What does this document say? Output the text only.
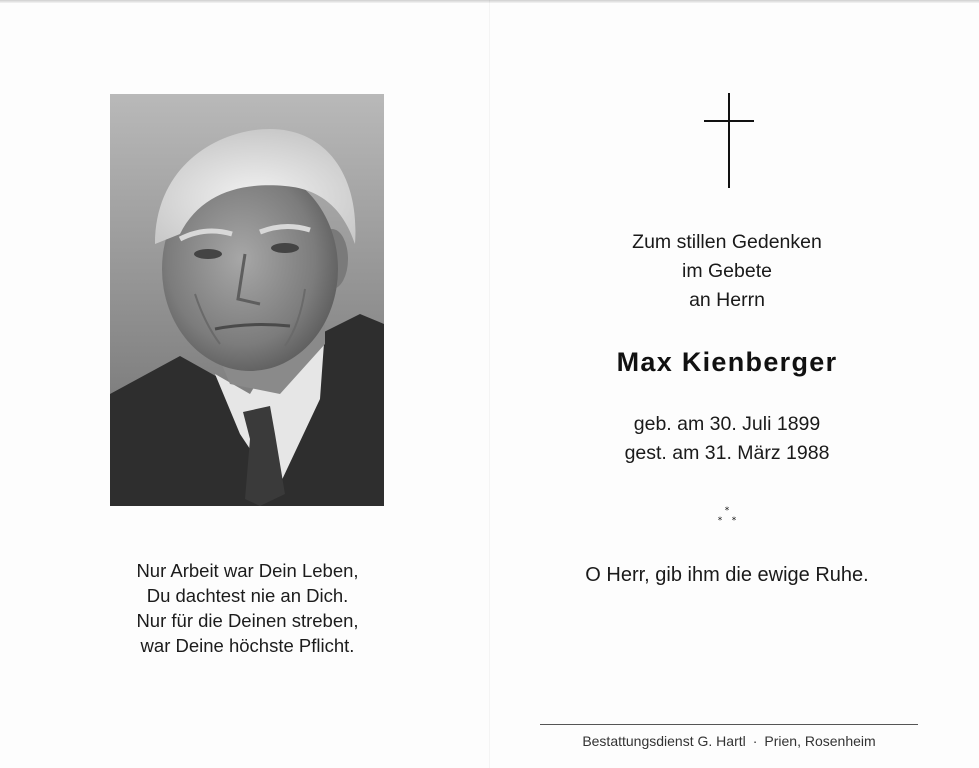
Nur Arbeit war Dein Leben,
Du dachtest nie an Dich.
Nur für die Deinen streben,
war Deine höchste Pflicht.
Zum stillen Gedenken
im Gebete
an Herrn
Max Kienberger
geb. am 30. Juli 1899
gest. am 31. März 1988
*
* *
O Herr, gib ihm die ewige Ruhe.
Bestattungsdienst G. Hartl · Prien, Rosenheim
